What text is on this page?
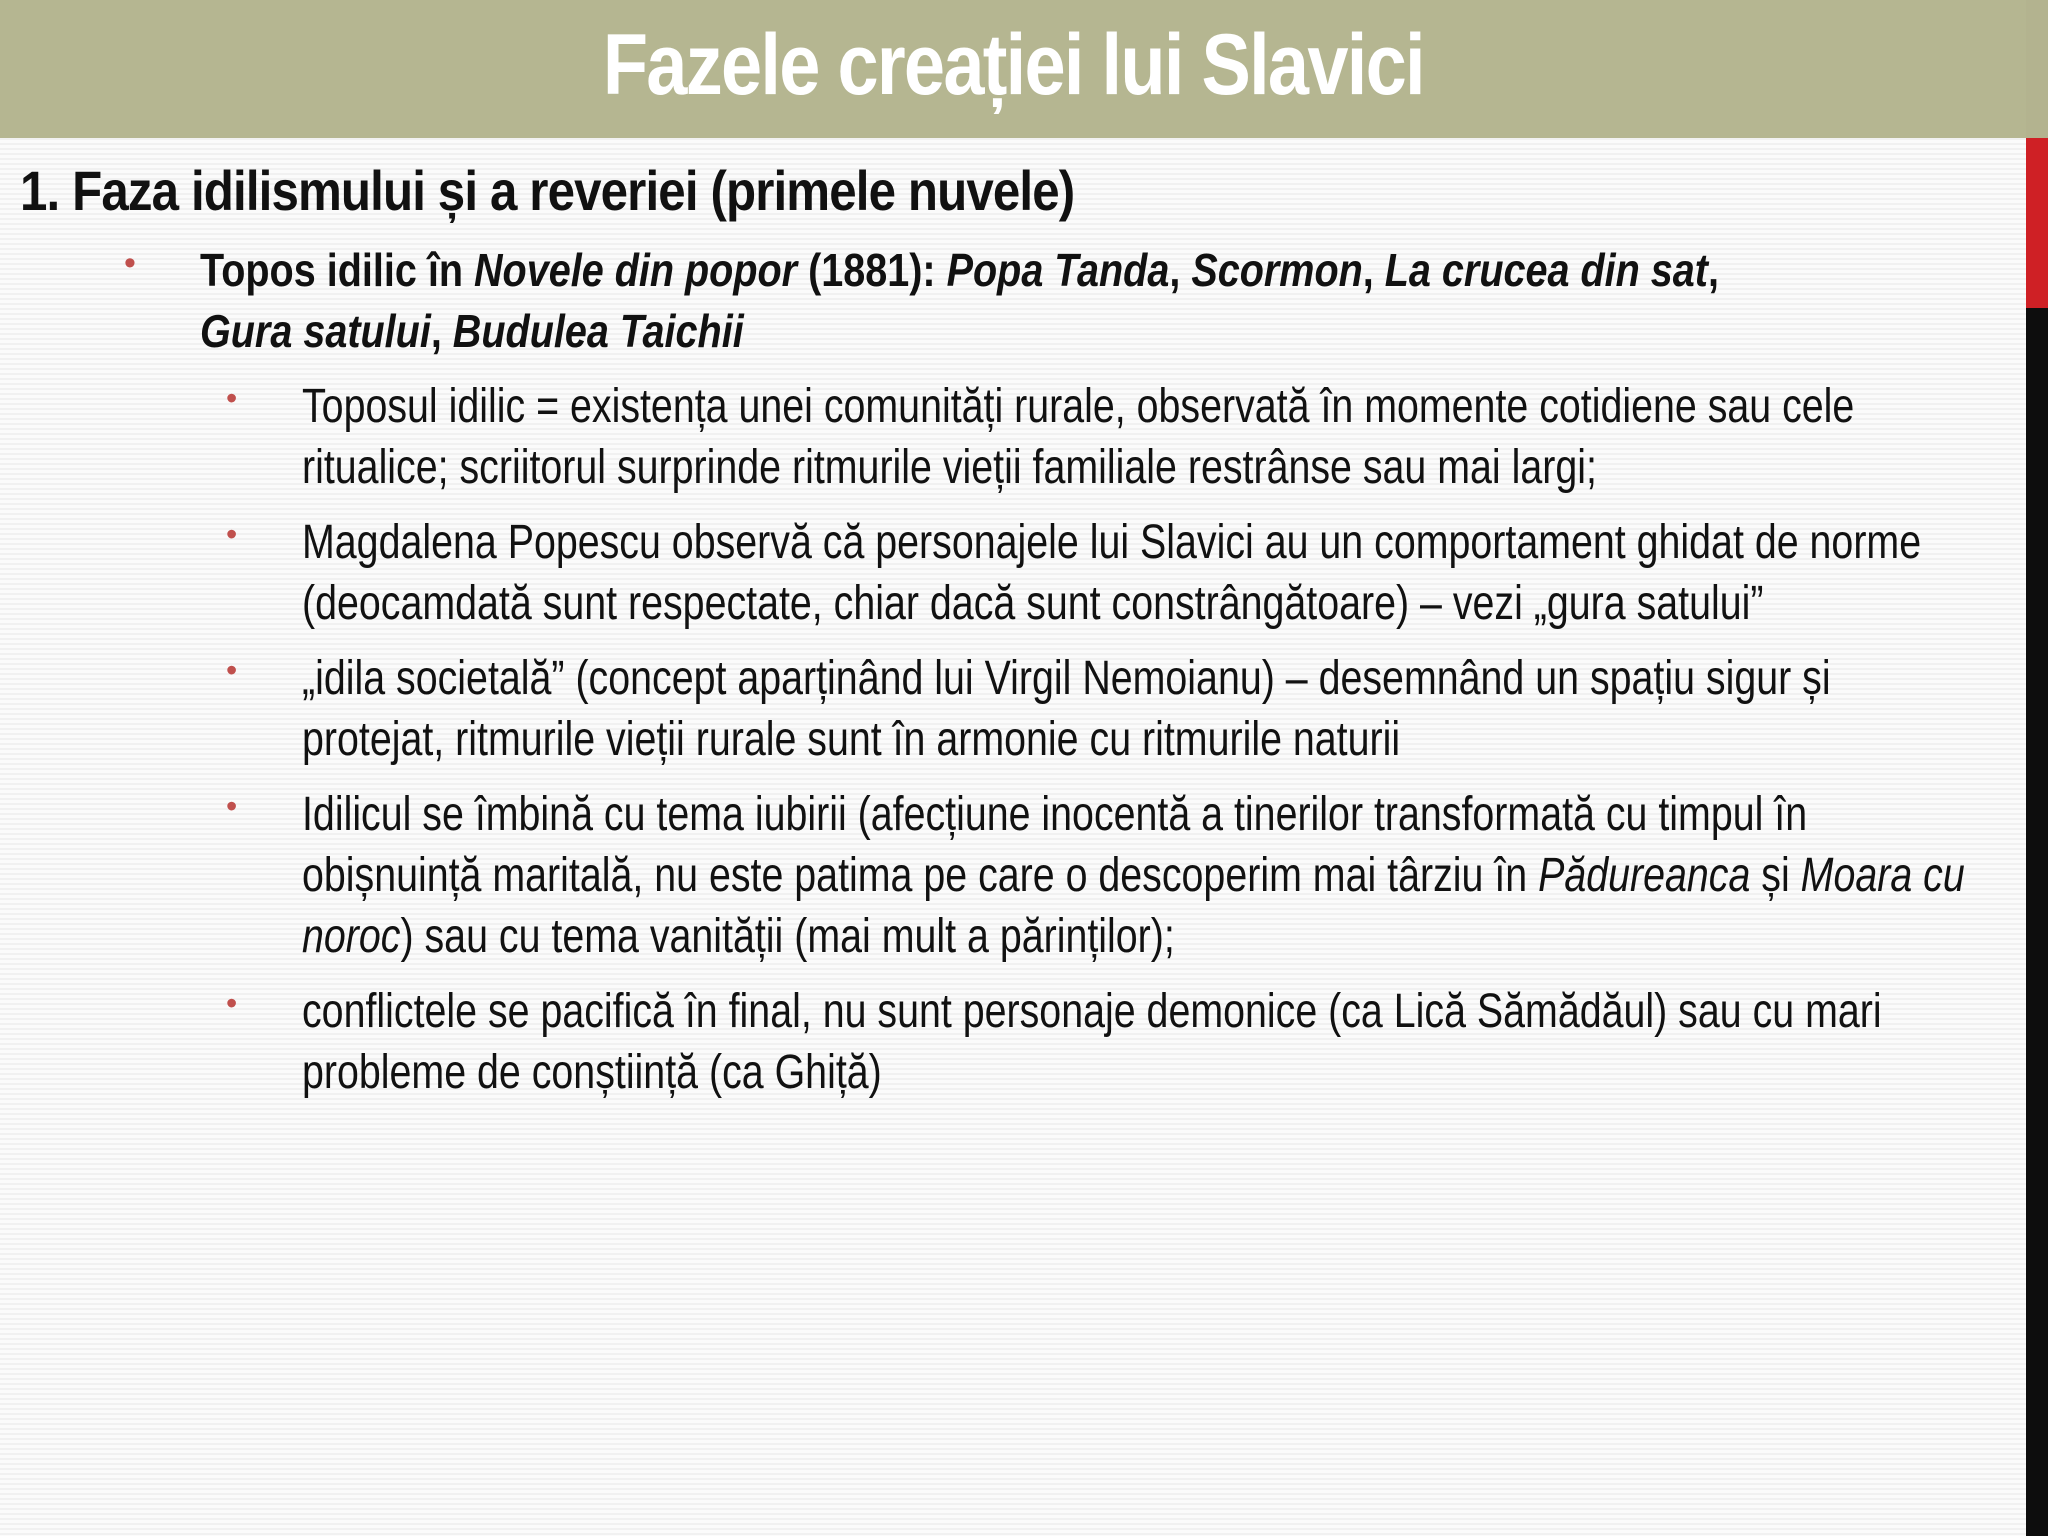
Fazele creației lui Slavici
1. Faza idilismului și a reveriei (primele nuvele)
• Topos idilic în Novele din popor (1881): Popa Tanda, Scormon, La crucea din sat, Gura satului, Budulea Taichii
• Toposul idilic = existența unei comunități rurale, observată în momente cotidiene sau cele ritualice; scriitorul surprinde ritmurile vieții familiale restrânse sau mai largi;
• Magdalena Popescu observă că personajele lui Slavici au un comportament ghidat de norme (deocamdată sunt respectate, chiar dacă sunt constrângătoare) – vezi „gura satului”
• „idila societală” (concept aparținând lui Virgil Nemoianu) – desemnând un spațiu sigur și protejat, ritmurile vieții rurale sunt în armonie cu ritmurile naturii
• Idilicul se îmbină cu tema iubirii (afecțiune inocentă a tinerilor transformată cu timpul în obișnuință maritală, nu este patima pe care o descoperim mai târziu în Pădureanca și Moara cu noroc) sau cu tema vanității (mai mult a părinților);
• conflictele se pacifică în final, nu sunt personaje demonice (ca Lică Sămădăul) sau cu mari probleme de conștiință (ca Ghiță)
